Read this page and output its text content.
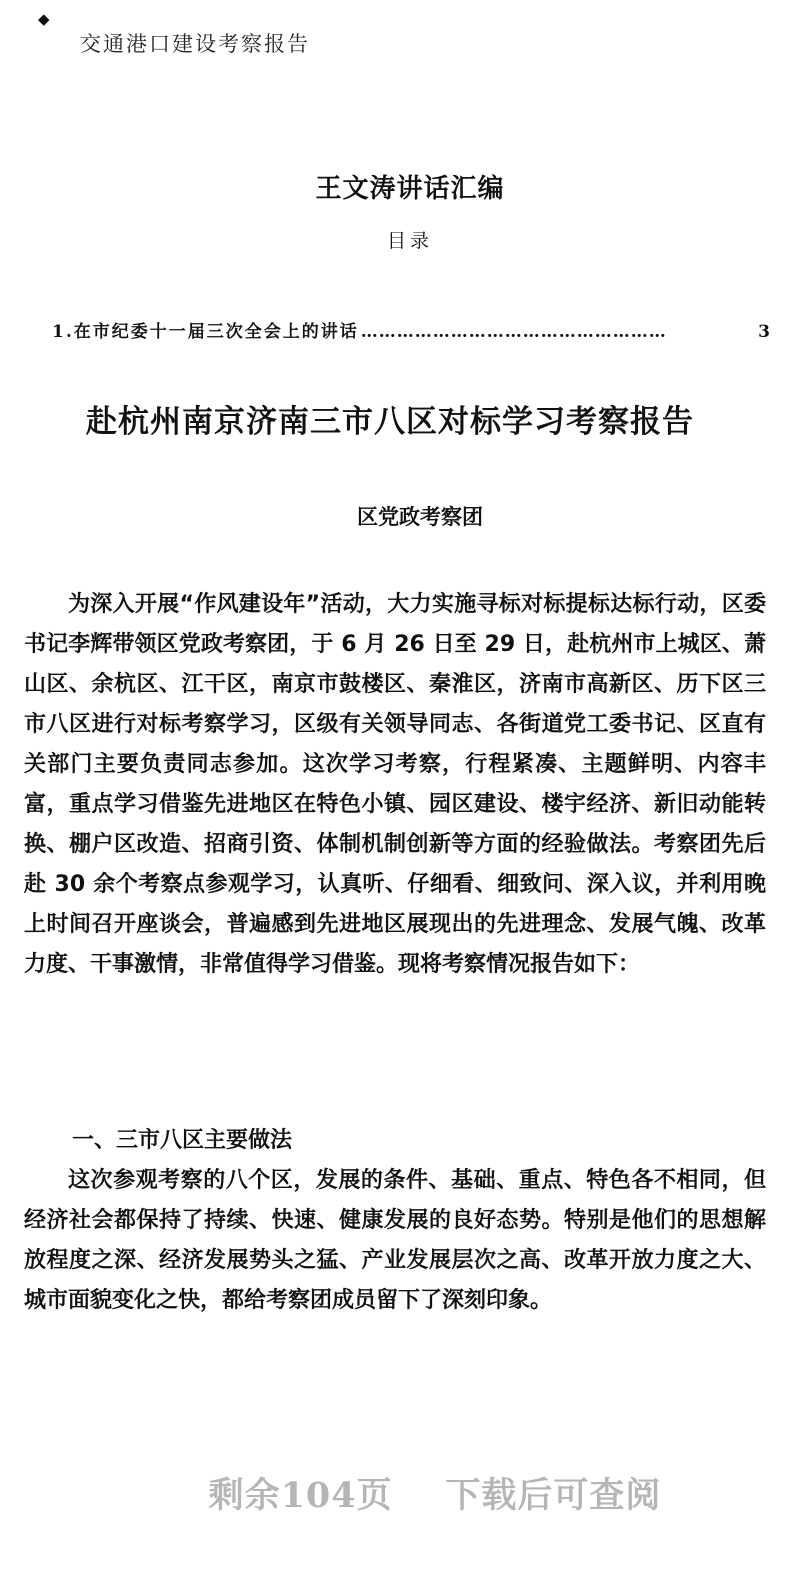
◆
交通港口建设考察报告
王文涛讲话汇编
目录
1.在市纪委十一届三次全会上的讲话 ……………………………………………	3
赴杭州南京济南三市八区对标学习考察报告
区党政考察团

为深入开展“作风建设年”活动，大力实施寻标对标提标达标行动，区委书记李辉带领区党政考察团，于 6 月 26 日至 29 日，赴杭州市上城区、萧山区、余杭区、江干区，南京市鼓楼区、秦淮区，济南市高新区、历下区三市八区进行对标考察学习，区级有关领导同志、各街道党工委书记、区直有关部门主要负责同志参加。这次学习考察，行程紧凑、主题鲜明、内容丰富，重点学习借鉴先进地区在特色小镇、园区建设、楼宇经济、新旧动能转换、棚户区改造、招商引资、体制机制创新等方面的经验做法。考察团先后赴 30 余个考察点参观学习，认真听、仔细看、细致问、深入议，并利用晚上时间召开座谈会，普遍感到先进地区展现出的先进理念、发展气魄、改革力度、干事激情，非常值得学习借鉴。现将考察情况报告如下：

一、三市八区主要做法

这次参观考察的八个区，发展的条件、基础、重点、特色各不相同，但经济社会都保持了持续、快速、健康发展的良好态势。特别是他们的思想解放程度之深、经济发展势头之猛、产业发展层次之高、改革开放力度之大、城市面貌变化之快，都给考察团成员留下了深刻印象。

剩余104页 下载后可查阅
